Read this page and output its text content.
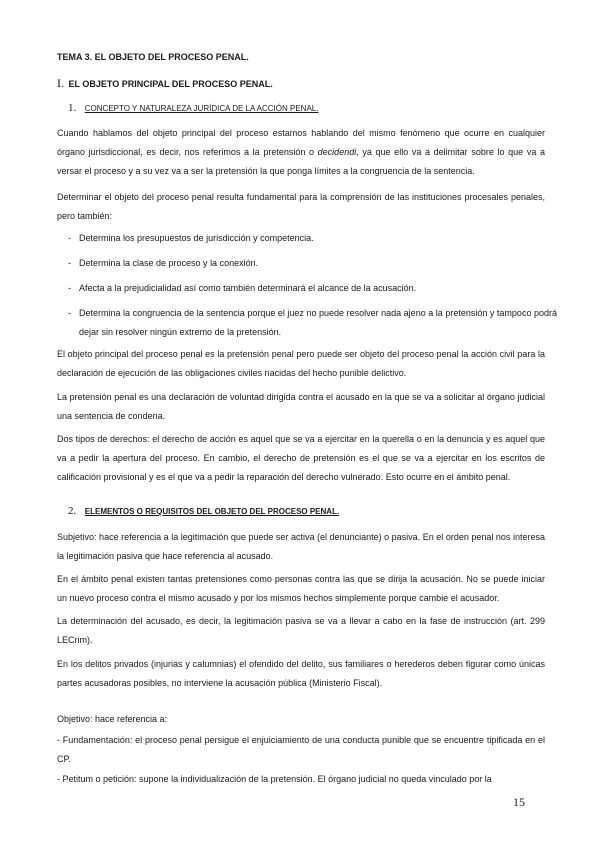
TEMA 3. EL OBJETO DEL PROCESO PENAL.
I. EL OBJETO PRINCIPAL DEL PROCESO PENAL.
1. CONCEPTO Y NATURALEZA JURÍDICA DE LA ACCIÓN PENAL.
Cuando hablamos del objeto principal del proceso estamos hablando del mismo fenómeno que ocurre en cualquier órgano jurisdiccional, es decir, nos referimos a la pretensión o decidendi, ya que ello va a delimitar sobre lo que va a versar el proceso y a su vez va a ser la pretensión la que ponga límites a la congruencia de la sentencia.
Determinar el objeto del proceso penal resulta fundamental para la comprensión de las instituciones procesales penales, pero también:
- Determina los presupuestos de jurisdicción y competencia.
- Determina la clase de proceso y la conexión.
- Afecta a la prejudicialidad así como también determinará el alcance de la acusación.
- Determina la congruencia de la sentencia porque el juez no puede resolver nada ajeno a la pretensión y tampoco podrá dejar sin resolver ningún extremo de la pretensión.
El objeto principal del proceso penal es la pretensión penal pero puede ser objeto del proceso penal la acción civil para la declaración de ejecución de las obligaciones civiles nacidas del hecho punible delictivo.
La pretensión penal es una declaración de voluntad dirigida contra el acusado en la que se va a solicitar al órgano judicial una sentencia de condena.
Dos tipos de derechos: el derecho de acción es aquel que se va a ejercitar en la querella o en la denuncia y es aquel que va a pedir la apertura del proceso. En cambio, el derecho de pretensión es el que se va a ejercitar en los escritos de calificación provisional y es el que va a pedir la reparación del derecho vulnerado. Esto ocurre en el ámbito penal.
2. ELEMENTOS O REQUISITOS DEL OBJETO DEL PROCESO PENAL.
Subjetivo: hace referencia a la legitimación que puede ser activa (el denunciante) o pasiva. En el orden penal nos interesa la legitimación pasiva que hace referencia al acusado.
En el ámbito penal existen tantas pretensiones como personas contra las que se dirija la acusación. No se puede iniciar un nuevo proceso contra el mismo acusado y por los mismos hechos simplemente porque cambie el acusador.
La determinación del acusado, es decir, la legitimación pasiva se va a llevar a cabo en la fase de instrucción (art. 299 LECrim).
En los delitos privados (injurias y calumnias) el ofendido del delito, sus familiares o herederos deben figurar como únicas partes acusadoras posibles, no interviene la acusación pública (Ministerio Fiscal).
Objetivo: hace referencia a:
- Fundamentación: el proceso penal persigue el enjuiciamiento de una conducta punible que se encuentre tipificada en el CP.
- Petitum o petición: supone la individualización de la pretensión. El órgano judicial no queda vinculado por la
15
